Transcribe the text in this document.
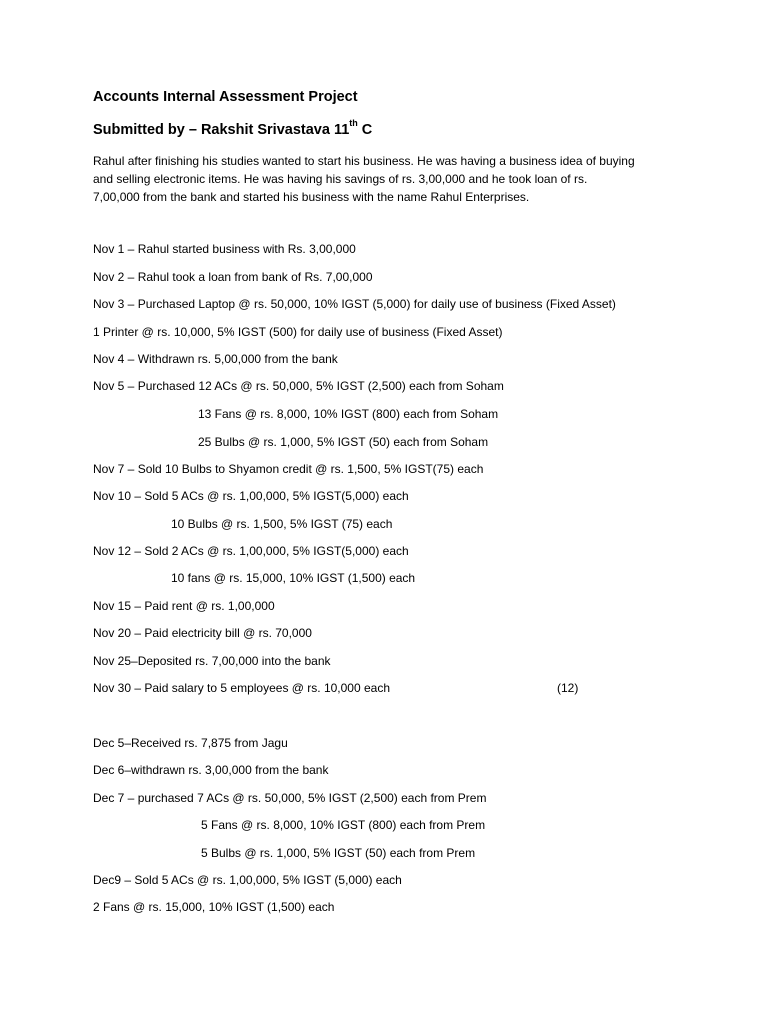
Accounts Internal Assessment Project
Submitted by – Rakshit Srivastava 11th C
Rahul after finishing his studies wanted to start his business. He was having a business idea of buying
and selling electronic items. He was having his savings of rs. 3,00,000 and he took loan of rs.
7,00,000 from the bank and started his business with the name Rahul Enterprises.
Nov 1 – Rahul started business with Rs. 3,00,000
Nov 2 – Rahul took a loan from bank of Rs. 7,00,000
Nov 3 – Purchased Laptop @ rs. 50,000, 10% IGST (5,000) for daily use of business (Fixed Asset)
1 Printer @ rs. 10,000, 5% IGST (500) for daily use of business (Fixed Asset)
Nov 4 – Withdrawn rs. 5,00,000 from the bank
Nov 5 – Purchased 12 ACs @ rs. 50,000, 5% IGST (2,500) each from Soham
13 Fans @ rs. 8,000, 10% IGST (800) each from Soham
25 Bulbs @ rs. 1,000, 5% IGST (50) each from Soham
Nov 7 – Sold 10 Bulbs to Shyamon credit @ rs. 1,500, 5% IGST(75) each
Nov 10 – Sold 5 ACs @ rs. 1,00,000, 5% IGST(5,000) each
10 Bulbs @ rs. 1,500, 5% IGST (75) each
Nov 12 – Sold 2 ACs @ rs. 1,00,000, 5% IGST(5,000) each
10 fans @ rs. 15,000, 10% IGST (1,500) each
Nov 15 – Paid rent @ rs. 1,00,000
Nov 20 – Paid electricity bill @ rs. 70,000
Nov 25–Deposited rs. 7,00,000 into the bank
Nov 30 – Paid salary to 5 employees @ rs. 10,000 each	(12)
Dec 5–Received rs. 7,875 from Jagu
Dec 6–withdrawn rs. 3,00,000 from the bank
Dec 7 – purchased 7 ACs @ rs. 50,000, 5% IGST (2,500) each from Prem
5 Fans @ rs. 8,000, 10% IGST (800) each from Prem
5 Bulbs @ rs. 1,000, 5% IGST (50) each from Prem
Dec9 – Sold 5 ACs @ rs. 1,00,000, 5% IGST (5,000) each
2 Fans @ rs. 15,000, 10% IGST (1,500) each
